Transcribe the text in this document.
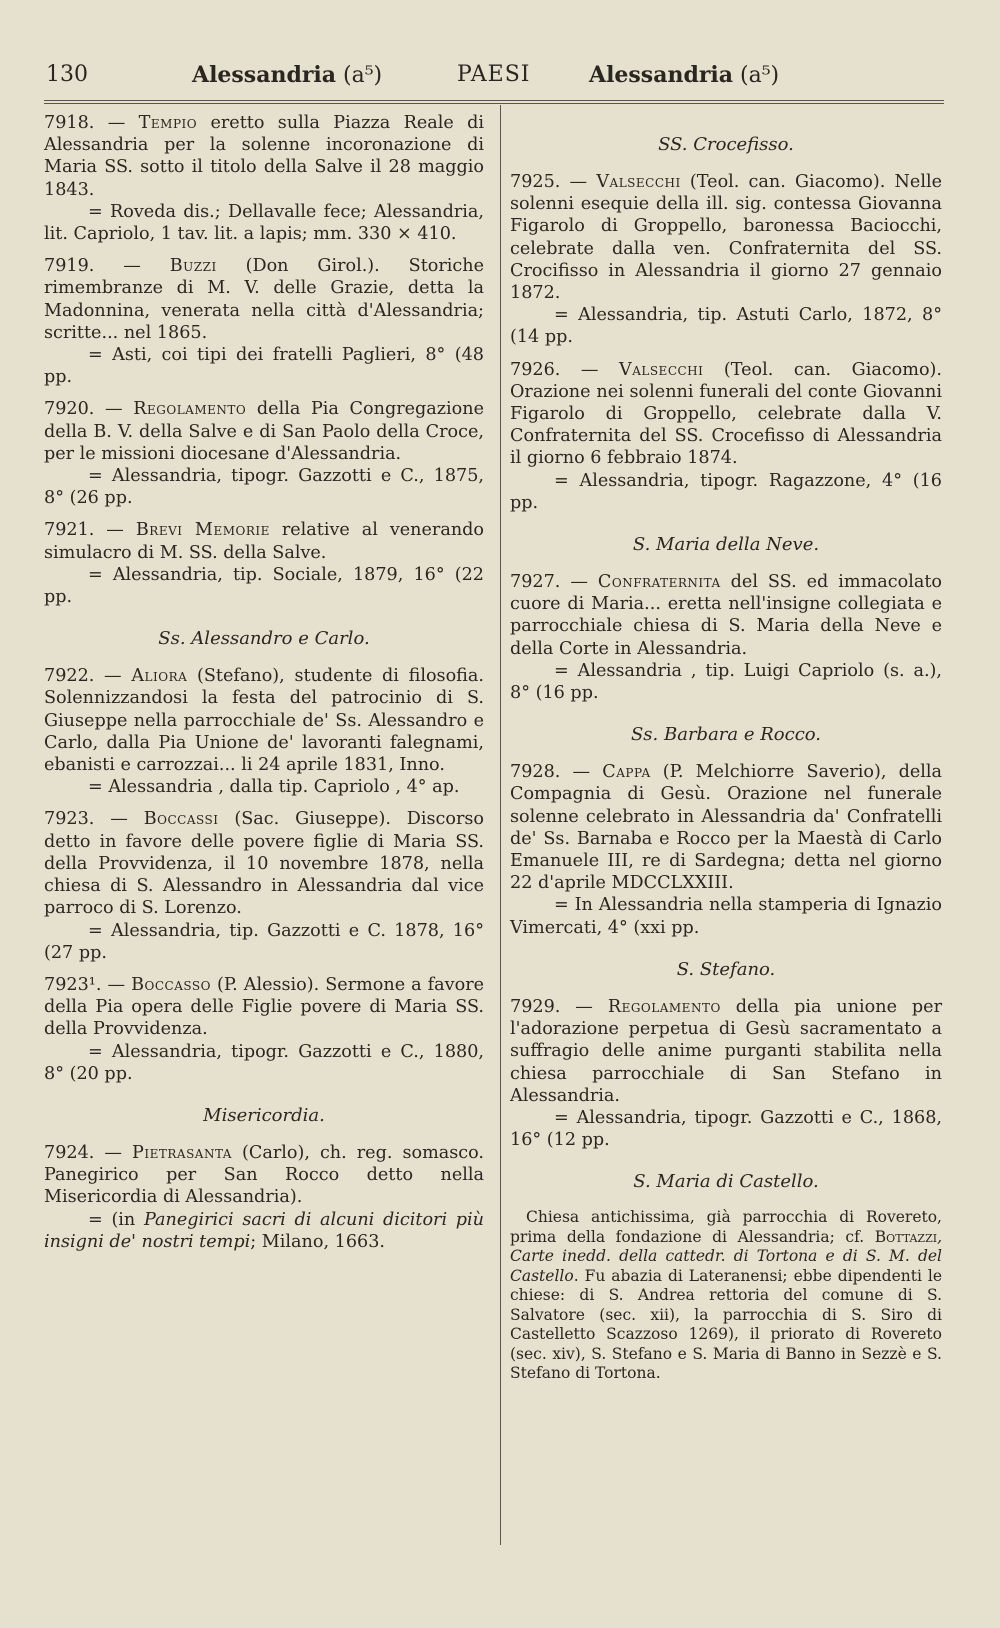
130	Alessandria (a⁵)	PAESI	Alessandria (a⁵)

7918. — Tempio eretto sulla Piazza Reale di Alessandria per la solenne incoronazione di Maria SS. sotto il titolo della Salve il 28 maggio 1843.
= Roveda dis.; Dellavalle fece; Alessandria, lit. Capriolo, 1 tav. lit. a lapis; mm. 330 × 410.

7919. — Buzzi (Don Girol.). Storiche rimembranze di M. V. delle Grazie, detta la Madonnina, venerata nella città d'Alessandria; scritte... nel 1865.
= Asti, coi tipi dei fratelli Paglieri, 8° (48 pp.

7920. — Regolamento della Pia Congregazione della B. V. della Salve e di San Paolo della Croce, per le missioni diocesane d'Alessandria.
= Alessandria, tipogr. Gazzotti e C., 1875, 8° (26 pp.

7921. — Brevi Memorie relative al venerando simulacro di M. SS. della Salve.
= Alessandria, tip. Sociale, 1879, 16° (22 pp.

Ss. Alessandro e Carlo.

7922. — Aliora (Stefano), studente di filosofia. Solennizzandosi la festa del patrocinio di S. Giuseppe nella parrocchiale de' Ss. Alessandro e Carlo, dalla Pia Unione de' lavoranti falegnami, ebanisti e carrozzai... li 24 aprile 1831, Inno.
= Alessandria , dalla tip. Capriolo , 4° ap.

7923. — Boccassi (Sac. Giuseppe). Discorso detto in favore delle povere figlie di Maria SS. della Provvidenza, il 10 novembre 1878, nella chiesa di S. Alessandro in Alessandria dal vice parroco di S. Lorenzo.
= Alessandria, tip. Gazzotti e C. 1878, 16° (27 pp.

7923¹. — Boccasso (P. Alessio). Sermone a favore della Pia opera delle Figlie povere di Maria SS. della Provvidenza.
= Alessandria, tipogr. Gazzotti e C., 1880, 8° (20 pp.

Misericordia.

7924. — Pietrasanta (Carlo), ch. reg. somasco. Panegirico per San Rocco detto nella Misericordia di Alessandria).
= (in Panegirici sacri di alcuni dicitori più insigni de' nostri tempi; Milano, 1663.

SS. Crocefisso.

7925. — Valsecchi (Teol. can. Giacomo). Nelle solenni esequie della ill. sig. contessa Giovanna Figarolo di Groppello, baronessa Baciocchi, celebrate dalla ven. Confraternita del SS. Crocifisso in Alessandria il giorno 27 gennaio 1872.
= Alessandria, tip. Astuti Carlo, 1872, 8° (14 pp.

7926. — Valsecchi (Teol. can. Giacomo). Orazione nei solenni funerali del conte Giovanni Figarolo di Groppello, celebrate dalla V. Confraternita del SS. Crocefisso di Alessandria il giorno 6 febbraio 1874.
= Alessandria, tipogr. Ragazzone, 4° (16 pp.

S. Maria della Neve.

7927. — Confraternita del SS. ed immacolato cuore di Maria... eretta nell'insigne collegiata e parrocchiale chiesa di S. Maria della Neve e della Corte in Alessandria.
= Alessandria , tip. Luigi Capriolo (s. a.), 8° (16 pp.

Ss. Barbara e Rocco.

7928. — Cappa (P. Melchiorre Saverio), della Compagnia di Gesù. Orazione nel funerale solenne celebrato in Alessandria da' Confratelli de' Ss. Barnaba e Rocco per la Maestà di Carlo Emanuele III, re di Sardegna; detta nel giorno 22 d'aprile MDCCLXXIII.
= In Alessandria nella stamperia di Ignazio Vimercati, 4° (xxi pp.

S. Stefano.

7929. — Regolamento della pia unione per l'adorazione perpetua di Gesù sacramentato a suffragio delle anime purganti stabilita nella chiesa parrocchiale di San Stefano in Alessandria.
= Alessandria, tipogr. Gazzotti e C., 1868, 16° (12 pp.

S. Maria di Castello.

Chiesa antichissima, già parrocchia di Rovereto, prima della fondazione di Alessandria; cf. Bottazzi, Carte inedd. della cattedr. di Tortona e di S. M. del Castello. Fu abazia di Lateranensi; ebbe dipendenti le chiese: di S. Andrea rettoria del comune di S. Salvatore (sec. xii), la parrocchia di S. Siro di Castelletto Scazzoso 1269), il priorato di Rovereto (sec. xiv), S. Stefano e S. Maria di Banno in Sezzè e S. Stefano di Tortona.
